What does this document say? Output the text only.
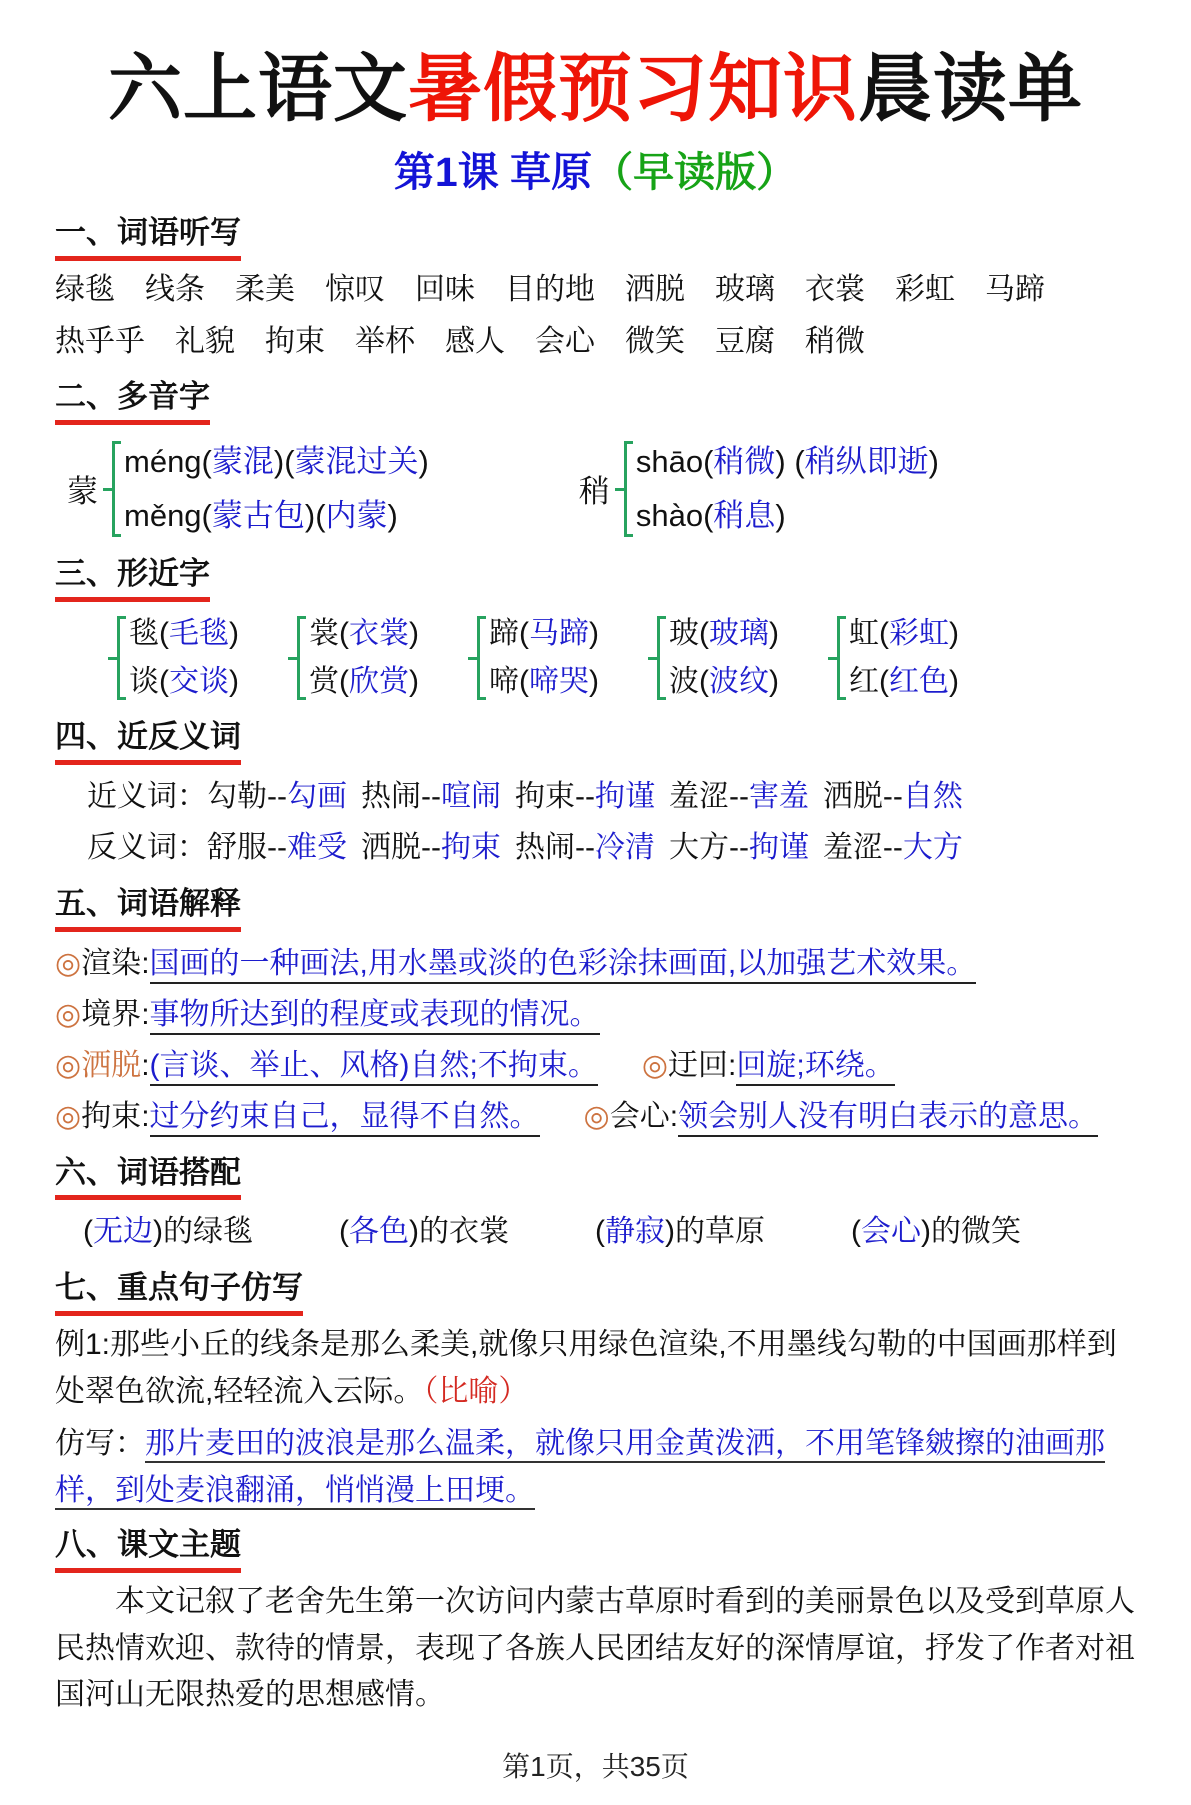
六上语文暑假预习知识晨读单
第1课 草原（早读版）
一、词语听写

绿毯　线条　柔美　惊叹　回味　目的地　洒脱　玻璃　衣裳　彩虹　马蹄

热乎乎　礼貌　拘束　举杯　感人　会心　微笑　豆腐　稍微

二、多音字
蒙
méng(蒙混)(蒙混过关)
měng(蒙古包)(内蒙)
稍
shāo(稍微) (稍纵即逝)
shào(稍息)
三、形近字
毯(毛毯)
谈(交谈)
裳(衣裳)
赏(欣赏)
蹄(马蹄)
啼(啼哭)
玻(玻璃)
波(波纹)
虹(彩虹)
红(红色)
四、近反义词

近义词：勾勒--勾画 热闹--喧闹 拘束--拘谨 羞涩--害羞 洒脱--自然

反义词：舒服--难受 洒脱--拘束 热闹--冷清 大方--拘谨 羞涩--大方

五、词语解释
◎渲染:国画的一种画法,用水墨或淡的色彩涂抹画面,以加强艺术效果。
◎境界:事物所达到的程度或表现的情况。
◎洒脱:(言谈、举止、风格)自然;不拘束。 ◎迂回:回旋;环绕。
◎拘束:过分约束自己，显得不自然。 ◎会心:领会别人没有明白表示的意思。
六、词语搭配
(无边)的绿毯	(各色)的衣裳	(静寂)的草原	(会心)的微笑
七、重点句子仿写

例1:那些小丘的线条是那么柔美,就像只用绿色渲染,不用墨线勾勒的中国画那样到处翠色欲流,轻轻流入云际。（比喻）

仿写：那片麦田的波浪是那么温柔，就像只用金黄泼洒，不用笔锋皴擦的油画那样，到处麦浪翻涌，悄悄漫上田埂。

八、课文主题

本文记叙了老舍先生第一次访问内蒙古草原时看到的美丽景色以及受到草原人民热情欢迎、款待的情景，表现了各族人民团结友好的深情厚谊，抒发了作者对祖国河山无限热爱的思想感情。

第1页，共35页
